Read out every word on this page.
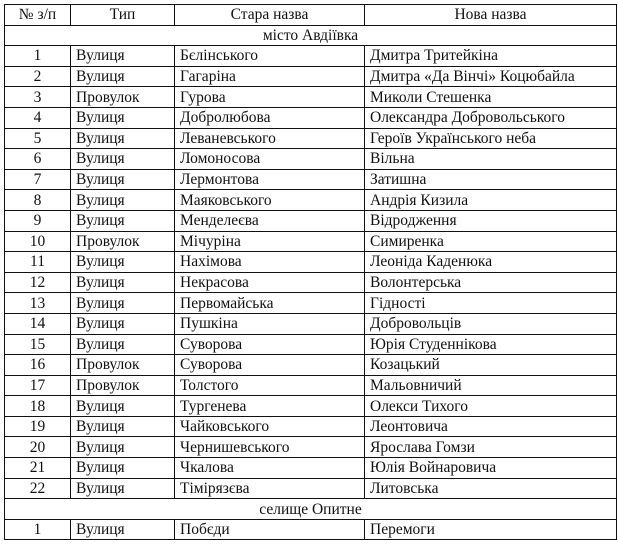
№ з/п	Тип	Стара назва	Нова назва
місто Авдіївка			
1	Вулиця	Бєлінського	Дмитра Тритейкіна
2	Вулиця	Гагаріна	Дмитра «Да Вінчі» Коцюбайла
3	Провулок	Гурова	Миколи Стешенка
4	Вулиця	Добролюбова	Олександра Добровольського
5	Вулиця	Леваневського	Героїв Українського неба
6	Вулиця	Ломоносова	Вільна
7	Вулиця	Лермонтова	Затишна
8	Вулиця	Маяковського	Андрія Кизила
9	Вулиця	Менделеєва	Відродження
10	Провулок	Мічуріна	Симиренка
11	Вулиця	Нахімова	Леоніда Каденюка
12	Вулиця	Некрасова	Волонтерська
13	Вулиця	Первомайська	Гідності
14	Вулиця	Пушкіна	Добровольців
15	Вулиця	Суворова	Юрія Студеннікова
16	Провулок	Суворова	Козацький
17	Провулок	Толстого	Мальовничий
18	Вулиця	Тургенева	Олекси Тихого
19	Вулиця	Чайковського	Леонтовича
20	Вулиця	Чернишевського	Ярослава Гомзи
21	Вулиця	Чкалова	Юлія Войнаровича
22	Вулиця	Тімірязєва	Литовська
селище Опитне			
1	Вулиця	Побєди	Перемоги
